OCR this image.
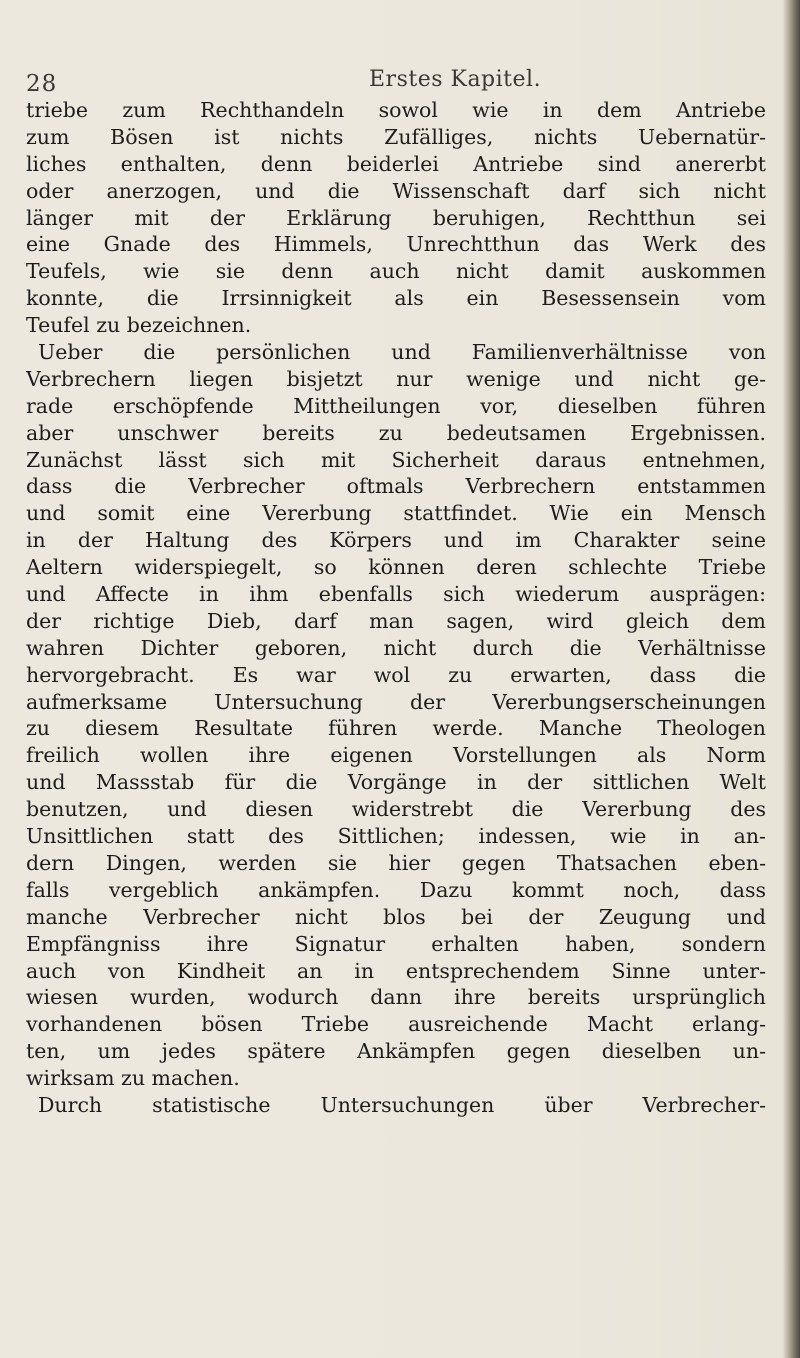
28	Erstes Kapitel.
triebe zum Rechthandeln sowol wie in dem Antriebe
zum Bösen ist nichts Zufälliges, nichts Uebernatür-
liches enthalten, denn beiderlei Antriebe sind anererbt
oder anerzogen, und die Wissenschaft darf sich nicht
länger mit der Erklärung beruhigen, Rechtthun sei
eine Gnade des Himmels, Unrechtthun das Werk des
Teufels, wie sie denn auch nicht damit auskommen
konnte, die Irrsinnigkeit als ein Besessensein vom
Teufel zu bezeichnen.
Ueber die persönlichen und Familienverhältnisse von
Verbrechern liegen bisjetzt nur wenige und nicht ge-
rade erschöpfende Mittheilungen vor, dieselben führen
aber unschwer bereits zu bedeutsamen Ergebnissen.
Zunächst lässt sich mit Sicherheit daraus entnehmen,
dass die Verbrecher oftmals Verbrechern entstammen
und somit eine Vererbung stattfindet. Wie ein Mensch
in der Haltung des Körpers und im Charakter seine
Aeltern widerspiegelt, so können deren schlechte Triebe
und Affecte in ihm ebenfalls sich wiederum ausprägen:
der richtige Dieb, darf man sagen, wird gleich dem
wahren Dichter geboren, nicht durch die Verhältnisse
hervorgebracht. Es war wol zu erwarten, dass die
aufmerksame Untersuchung der Vererbungserscheinungen
zu diesem Resultate führen werde. Manche Theologen
freilich wollen ihre eigenen Vorstellungen als Norm
und Massstab für die Vorgänge in der sittlichen Welt
benutzen, und diesen widerstrebt die Vererbung des
Unsittlichen statt des Sittlichen; indessen, wie in an-
dern Dingen, werden sie hier gegen Thatsachen eben-
falls vergeblich ankämpfen. Dazu kommt noch, dass
manche Verbrecher nicht blos bei der Zeugung und
Empfängniss ihre Signatur erhalten haben, sondern
auch von Kindheit an in entsprechendem Sinne unter-
wiesen wurden, wodurch dann ihre bereits ursprünglich
vorhandenen bösen Triebe ausreichende Macht erlang-
ten, um jedes spätere Ankämpfen gegen dieselben un-
wirksam zu machen.
Durch statistische Untersuchungen über Verbrecher-
